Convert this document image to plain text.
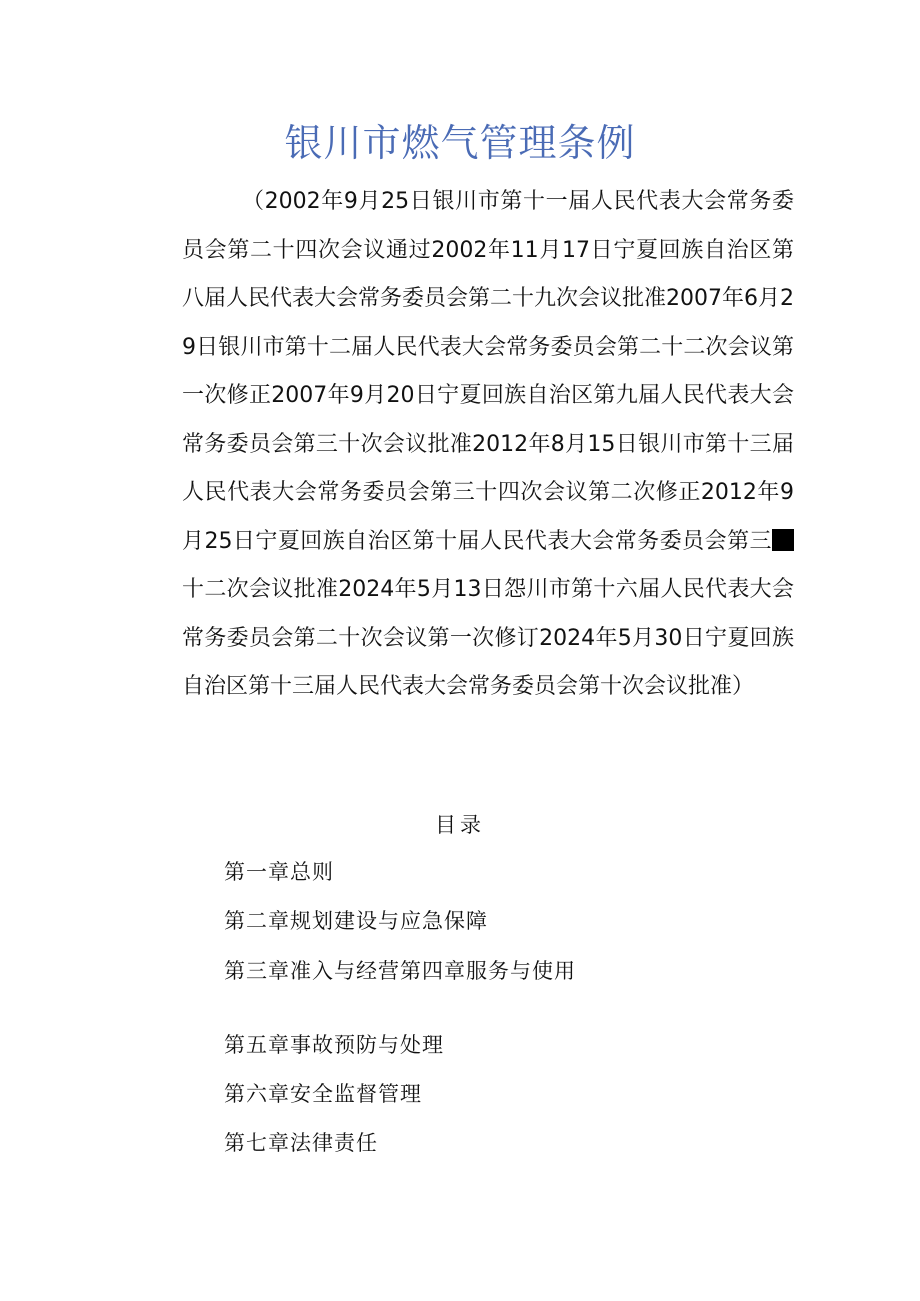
银川市燃气管理条例

（2002年9月25日银川市第十一届人民代表大会常务委员会第二十四次会议通过2002年11月17日宁夏回族自治区第八届人民代表大会常务委员会第二十九次会议批准2007年6月29日银川市第十二届人民代表大会常务委员会第二十二次会议第一次修正2007年9月20日宁夏回族自治区第九届人民代表大会常务委员会第三十次会议批准2012年8月15日银川市第十三届人民代表大会常务委员会第三十四次会议第二次修正2012年9月25日宁夏回族自治区第十届人民代表大会常务委员会第三十二次会议批准2024年5月13日怨川市第十六届人民代表大会常务委员会第二十次会议第一次修订2024年5月30日宁夏回族自治区第十三届人民代表大会常务委员会第十次会议批准）

目录
第一章总则
第二章规划建设与应急保障
第三章准入与经营第四章服务与使用
第五章事故预防与处理
第六章安全监督管理
第七章法律责任
